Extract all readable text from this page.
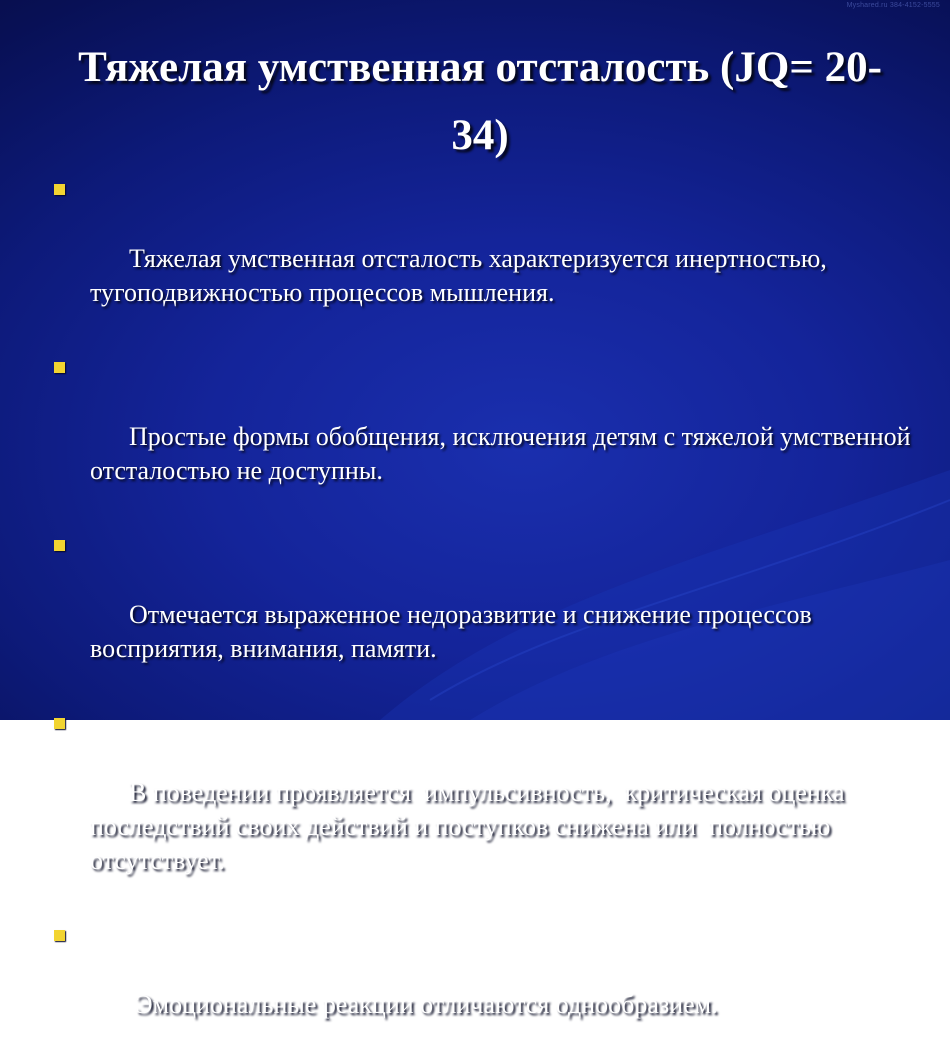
Myshared.ru 384-4152-5555
Тяжелая умственная отсталость (JQ= 20-34)

Тяжелая умственная отсталость характеризуется инертностью, тугоподвижностью процессов мышления.

Простые формы обобщения, исключения детям с тяжелой умственной отсталостью не доступны.

Отмечается выраженное недоразвитие и снижение процессов восприятия, внимания, памяти.

В поведении проявляется  импульсивность,  критическая оценка последствий своих действий и поступков снижена или  полностью отсутствует.

Эмоциональные реакции отличаются однообразием.
